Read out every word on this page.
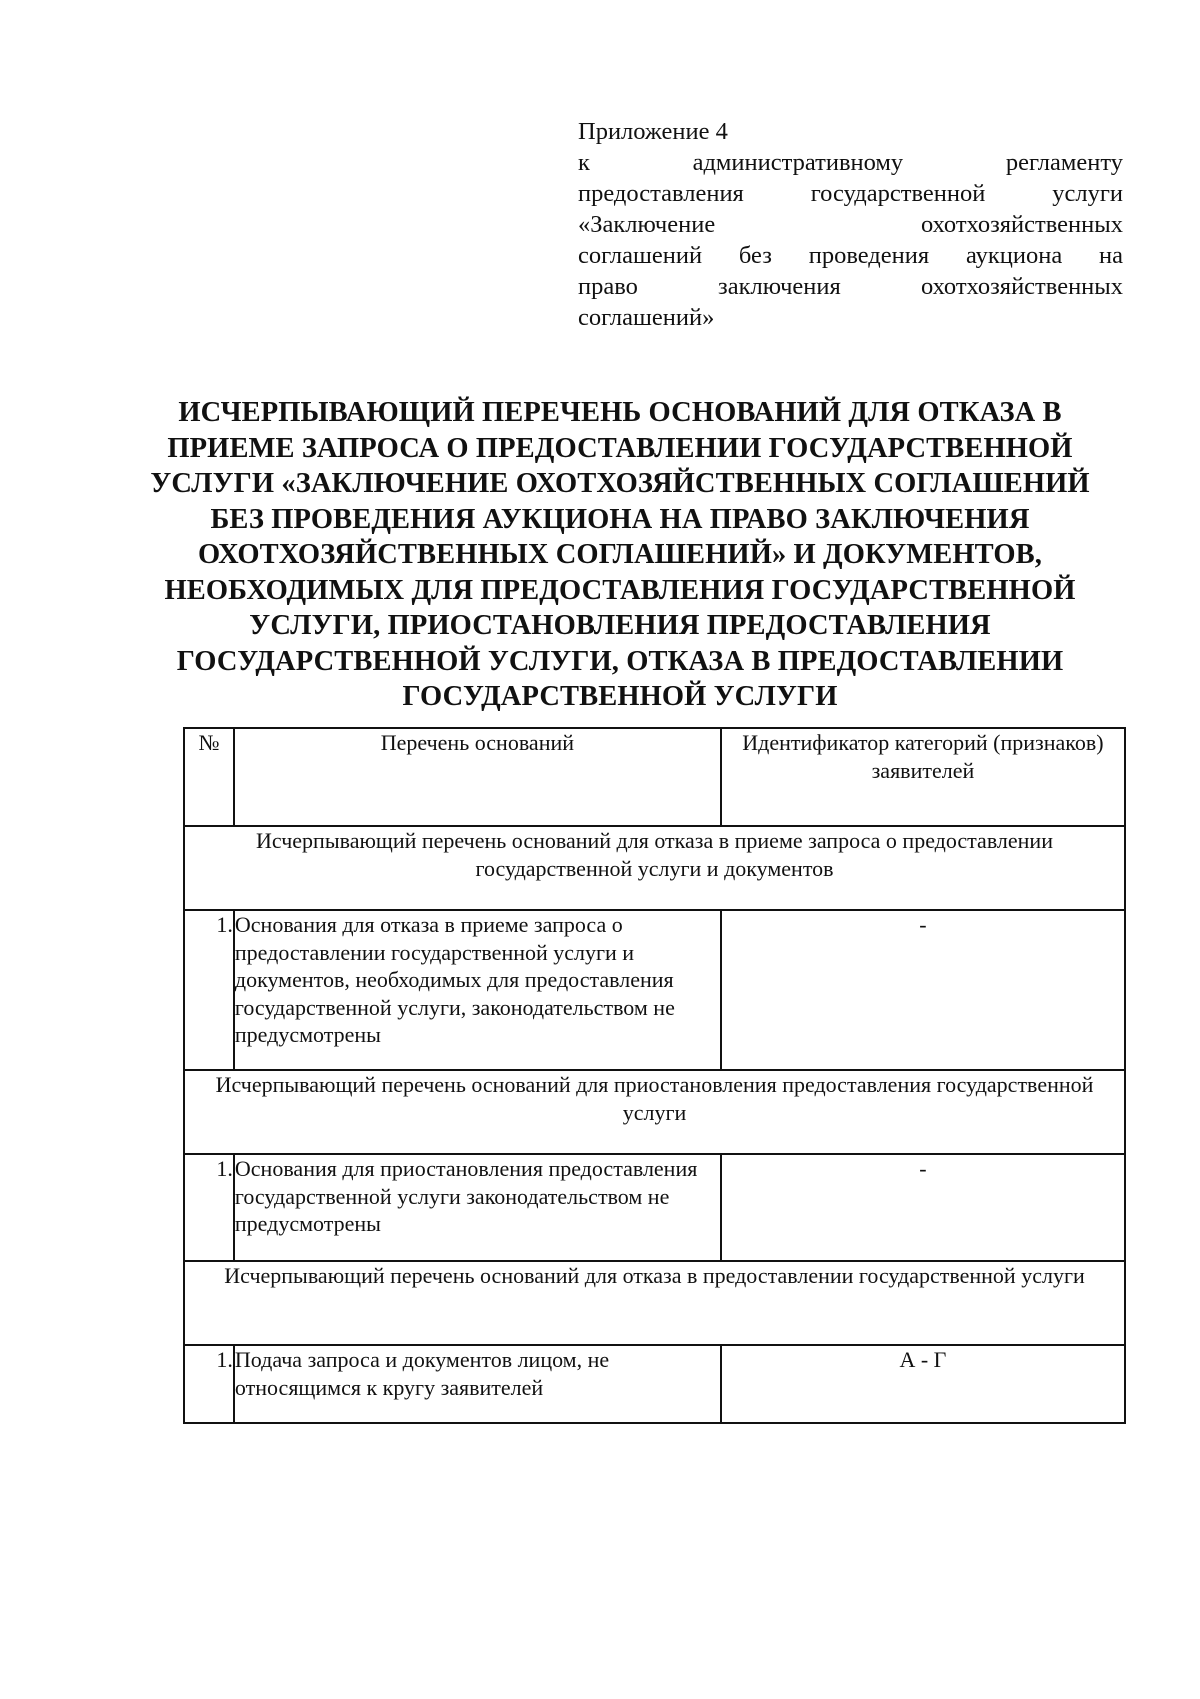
Приложение 4
к административному регламенту
предоставления государственной услуги
«Заключение охотхозяйственных
соглашений без проведения аукциона на
право заключения охотхозяйственных
соглашений»
ИСЧЕРПЫВАЮЩИЙ ПЕРЕЧЕНЬ ОСНОВАНИЙ ДЛЯ ОТКАЗА В
ПРИЕМЕ ЗАПРОСА О ПРЕДОСТАВЛЕНИИ ГОСУДАРСТВЕННОЙ
УСЛУГИ «ЗАКЛЮЧЕНИЕ ОХОТХОЗЯЙСТВЕННЫХ СОГЛАШЕНИЙ
БЕЗ ПРОВЕДЕНИЯ АУКЦИОНА НА ПРАВО ЗАКЛЮЧЕНИЯ
ОХОТХОЗЯЙСТВЕННЫХ СОГЛАШЕНИЙ» И ДОКУМЕНТОВ,
НЕОБХОДИМЫХ ДЛЯ ПРЕДОСТАВЛЕНИЯ ГОСУДАРСТВЕННОЙ
УСЛУГИ, ПРИОСТАНОВЛЕНИЯ ПРЕДОСТАВЛЕНИЯ
ГОСУДАРСТВЕННОЙ УСЛУГИ, ОТКАЗА В ПРЕДОСТАВЛЕНИИ
ГОСУДАРСТВЕННОЙ УСЛУГИ
№	Перечень оснований	Идентификатор категорий (признаков) заявителей
Исчерпывающий перечень оснований для отказа в приеме запроса о предоставлении государственной услуги и документов		
1.	Основания для отказа в приеме запроса о предоставлении государственной услуги и документов, необходимых для предоставления государственной услуги, законодательством не предусмотрены	-
Исчерпывающий перечень оснований для приостановления предоставления государственной услуги		
1.	Основания для приостановления предоставления государственной услуги законодательством не предусмотрены	-
Исчерпывающий перечень оснований для отказа в предоставлении государственной услуги		
1.	Подача запроса и документов лицом, не относящимся к кругу заявителей	А - Г
